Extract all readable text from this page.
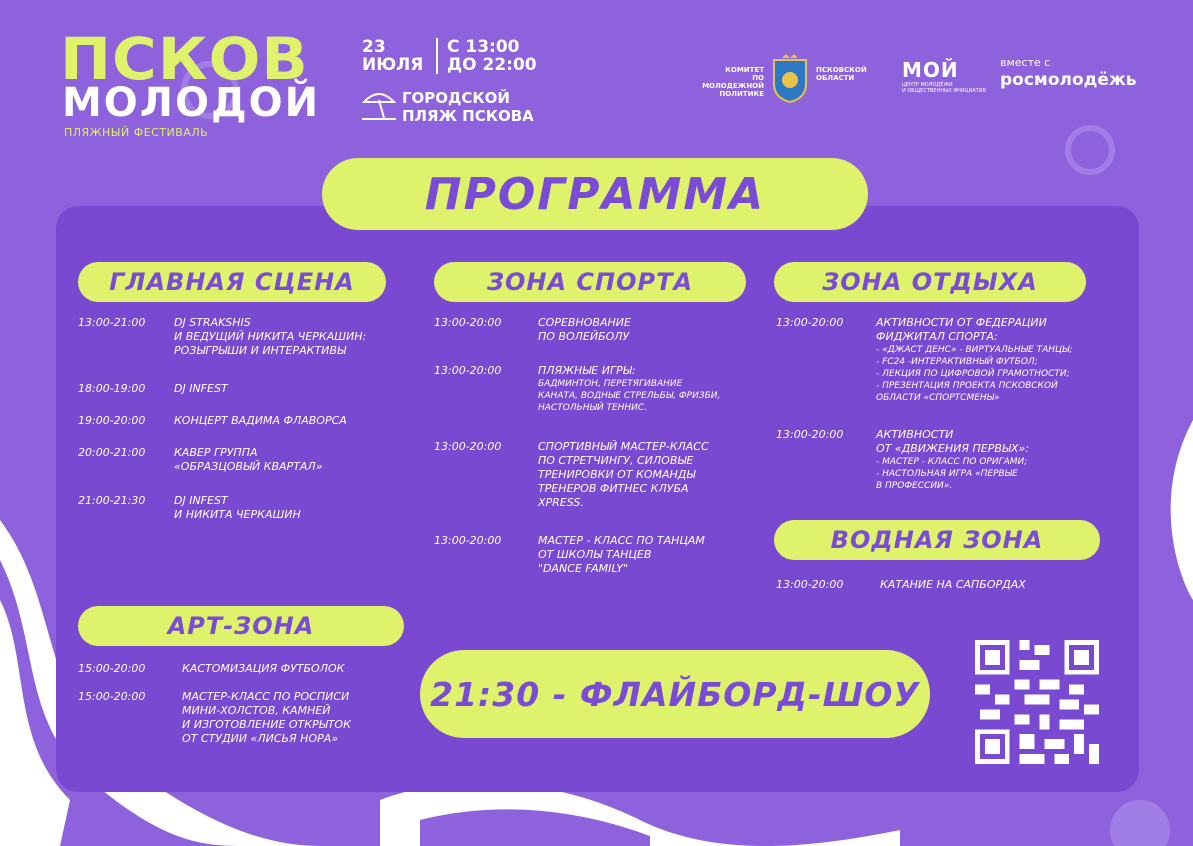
ПСКОВ
МОЛОДОЙ
ПЛЯЖНЫЙ ФЕСТИВАЛЬ
23
ИЮЛЯ
С 13:00
ДО 22:00
ГОРОДСКОЙ
ПЛЯЖ ПСКОВА
КОМИТЕТ
ПО МОЛОДЕЖНОЙ
ПОЛИТИКЕ
ПСКОВСКОЙ
ОБЛАСТИ	МОЙ
ЦЕНТР МОЛОДЁЖИ
И ОБЩЕСТВЕННЫХ ИНИЦИАТИВ
вместе с
росмолодёжь
ПРОГРАММА
ГЛАВНАЯ СЦЕНА
13:00-21:00	DJ STRAKSHIS
И ВЕДУЩИЙ НИКИТА ЧЕРКАШИН:
РОЗЫГРЫШИ И ИНТЕРАКТИВЫ
18:00-19:00	DJ INFEST
19:00-20:00	КОНЦЕРТ ВАДИМА ФЛАВОРСА
20:00-21:00	КАВЕР ГРУППА
«ОБРАЗЦОВЫЙ КВАРТАЛ»
21:00-21:30	DJ INFEST
И НИКИТА ЧЕРКАШИН
ЗОНА СПОРТА
13:00-20:00	СОРЕВНОВАНИЕ
ПО ВОЛЕЙБОЛУ
13:00-20:00	ПЛЯЖНЫЕ ИГРЫ:
БАДМИНТОН, ПЕРЕТЯГИВАНИЕ
КАНАТА, ВОДНЫЕ СТРЕЛЬБЫ, ФРИЗБИ,
НАСТОЛЬНЫЙ ТЕННИС.
13:00-20:00	СПОРТИВНЫЙ МАСТЕР-КЛАСС
ПО СТРЕТЧИНГУ, СИЛОВЫЕ
ТРЕНИРОВКИ ОТ КОМАНДЫ
ТРЕНЕРОВ ФИТНЕС КЛУБА
XPRESS.
13:00-20:00	МАСТЕР - КЛАСС ПО ТАНЦАМ
ОТ ШКОЛЫ ТАНЦЕВ
"DANCE FAMILY"
ЗОНА ОТДЫХА
13:00-20:00	АКТИВНОСТИ ОТ ФЕДЕРАЦИИ
ФИДЖИТАЛ СПОРТА:
- «ДЖАСТ ДЕНС» - ВИРТУАЛЬНЫЕ ТАНЦЫ;
- FC24 -ИНТЕРАКТИВНЫЙ ФУТБОЛ;
- ЛЕКЦИЯ ПО ЦИФРОВОЙ ГРАМОТНОСТИ;
- ПРЕЗЕНТАЦИЯ ПРОЕКТА ПСКОВСКОЙ
ОБЛАСТИ «СПОРТСМЕНЫ»
13:00-20:00	АКТИВНОСТИ
ОТ «ДВИЖЕНИЯ ПЕРВЫХ»:
- МАСТЕР - КЛАСС ПО ОРИГАМИ;
- НАСТОЛЬНАЯ ИГРА «ПЕРВЫЕ
В ПРОФЕССИИ».
ВОДНАЯ ЗОНА
13:00-20:00	КАТАНИЕ НА САПБОРДАХ
АРТ-ЗОНА
15:00-20:00	КАСТОМИЗАЦИЯ ФУТБОЛОК
15:00-20:00	МАСТЕР-КЛАСС ПО РОСПИСИ
МИНИ-ХОЛСТОВ, КАМНЕЙ
И ИЗГОТОВЛЕНИЕ ОТКРЫТОК
ОТ СТУДИИ «ЛИСЬЯ НОРА»
21:30 - ФЛАЙБОРД-ШОУ
